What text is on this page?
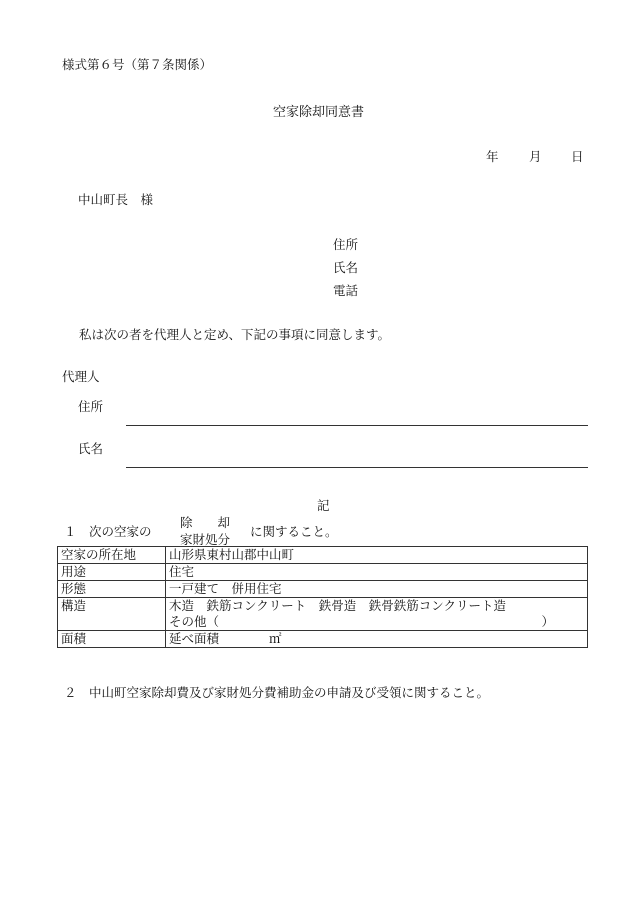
様式第６号（第７条関係）
空家除却同意書
年 月 日
中山町長　様
住所
氏名
電話
私は次の者を代理人と定め、下記の事項に同意します。
代理人
住所
氏名
記
１　次の空家の
除　　却
家財処分
に関すること。
空家の所在地	山形県東村山郡中山町
用途	住宅
形態	一戸建て　併用住宅
構造	木造　鉄筋コンクリート　鉄骨造　鉄骨鉄筋コンクリート造
その他（ ）

面積	延べ面積 ㎡
２　中山町空家除却費及び家財処分費補助金の申請及び受領に関すること。
